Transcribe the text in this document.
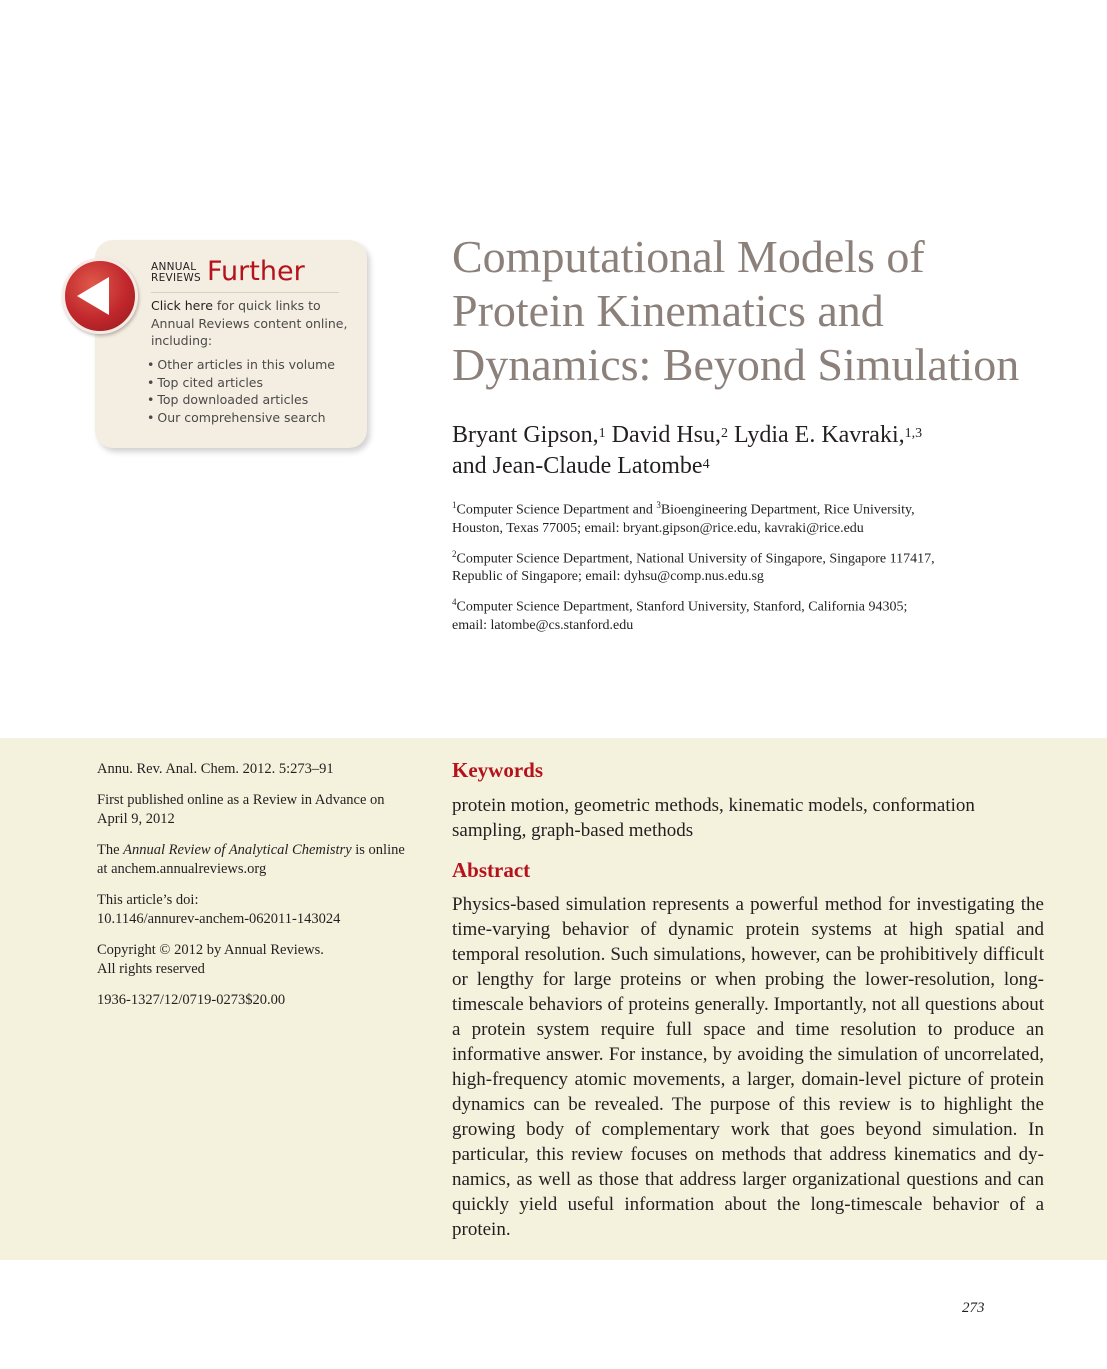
ANNUAL
REVIEWS Further
Click here for quick links to Annual Reviews content online, including:
• Other articles in this volume
• Top cited articles
• Top downloaded articles
• Our comprehensive search
Computational Models of
Protein Kinematics and
Dynamics: Beyond Simulation
Bryant Gipson,$^1$ David Hsu,$^2$ Lydia E. Kavraki,$^{1,3}$
and Jean-Claude Latombe$^4$

$^1$Computer Science Department and $^3$Bioengineering Department, Rice University,
Houston, Texas 77005; email: bryant.gipson@rice.edu, kavraki@rice.edu

$^2$Computer Science Department, National University of Singapore, Singapore 117417,
Republic of Singapore; email: dyhsu@comp.nus.edu.sg

$^4$Computer Science Department, Stanford University, Stanford, California 94305;
email: latombe@cs.stanford.edu

Annu. Rev. Anal. Chem. 2012. 5:273–91

First published online as a Review in Advance on
April 9, 2012

The Annual Review of Analytical Chemistry is online
at anchem.annualreviews.org

This article’s doi:
10.1146/annurev-anchem-062011-143024

Copyright © 2012 by Annual Reviews.
All rights reserved

1936-1327/12/0719-0273$20.00

Keywords
protein motion, geometric methods, kinematic models, conformation sampling, graph-based methods
Abstract
Physics-based simulation represents a powerful method for investigating the time-varying behavior of dynamic protein systems at high spatial and temporal resolution. Such simulations, however, can be prohibitively difficult or lengthy for large proteins or when probing the lower-resolution, long-timescale behaviors of proteins generally. Importantly, not all questions about a protein system require full space and time resolution to produce an informative answer. For instance, by avoiding the simulation of uncorrelated, high-frequency atomic movements, a larger, domain-level picture of protein dynamics can be revealed. The purpose of this review is to highlight the growing body of complementary work that goes beyond simulation. In particular, this review focuses on methods that address kinematics and dynamics, as well as those that address larger organizational questions and can quickly yield useful information about the long-timescale behavior of a protein.
273
